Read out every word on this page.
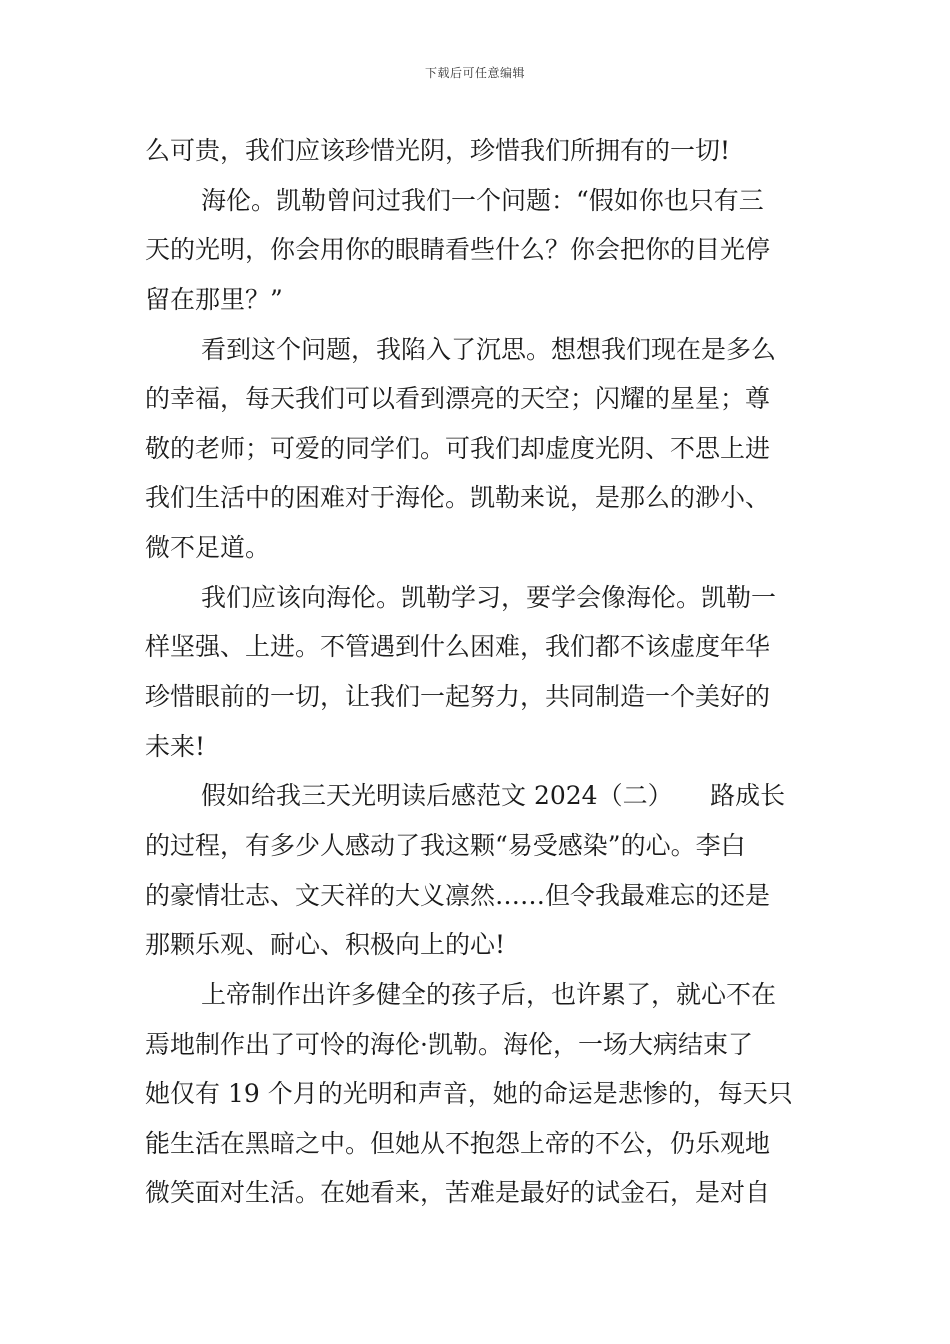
下载后可任意编辑
么可贵，我们应该珍惜光阴，珍惜我们所拥有的一切!
海伦。凯勒曾问过我们一个问题：“假如你也只有三
天的光明，你会用你的眼睛看些什么？你会把你的目光停
留在那里？”
看到这个问题，我陷入了沉思。想想我们现在是多么
的幸福，每天我们可以看到漂亮的天空；闪耀的星星；尊
敬的老师；可爱的同学们。可我们却虚度光阴、不思上进
我们生活中的困难对于海伦。凯勒来说，是那么的渺小、
微不足道。
我们应该向海伦。凯勒学习，要学会像海伦。凯勒一
样坚强、上进。不管遇到什么困难，我们都不该虚度年华
珍惜眼前的一切，让我们一起努力，共同制造一个美好的
未来!
假如给我三天光明读后感范文 2024（二）　　路成长
的过程，有多少人感动了我这颗“易受感染”的心。李白
的豪情壮志、文天祥的大义凛然……但令我最难忘的还是
那颗乐观、耐心、积极向上的心!
上帝制作出许多健全的孩子后，也许累了，就心不在
焉地制作出了可怜的海伦·凯勒。海伦，一场大病结束了
她仅有 19 个月的光明和声音，她的命运是悲惨的，每天只
能生活在黑暗之中。但她从不抱怨上帝的不公，仍乐观地
微笑面对生活。在她看来，苦难是最好的试金石，是对自
